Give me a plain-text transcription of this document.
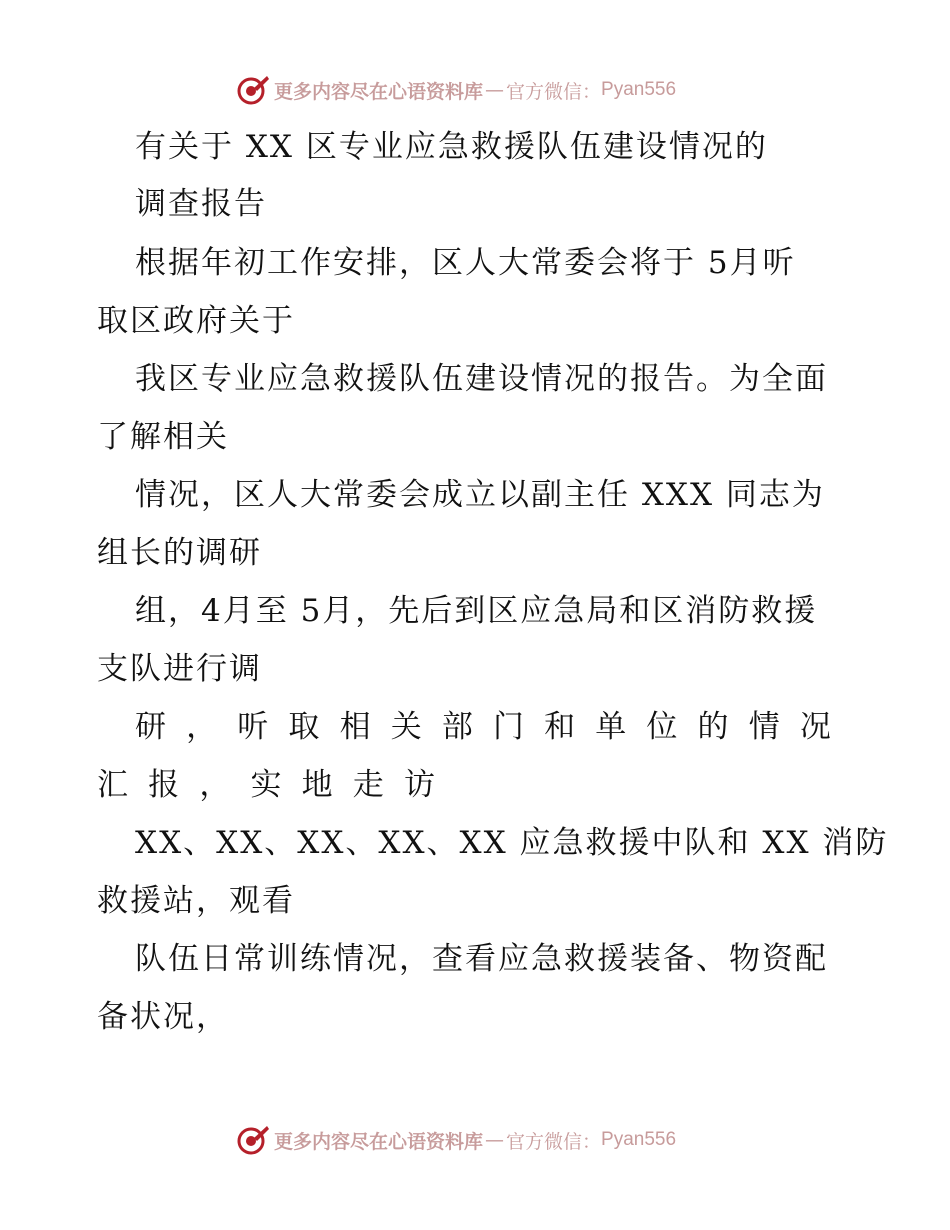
更多内容尽在心语资料库 — 官方微信： Pyan556
有关于 XX 区专业应急救援队伍建设情况的
调查报告
根据年初工作安排，区人大常委会将于 5月听
取区政府关于
我区专业应急救援队伍建设情况的报告。为全面
了解相关
情况，区人大常委会成立以副主任 XXX 同志为
组长的调研
组，4月至 5月，先后到区应急局和区消防救援
支队进行调
研 ， 听 取 相 关 部 门 和 单 位 的 情 况
汇 报 ， 实 地 走 访
XX、XX、XX、XX、XX 应急救援中队和 XX 消防
救援站，观看
队伍日常训练情况，查看应急救援装备、物资配
备状况，
更多内容尽在心语资料库 — 官方微信： Pyan556
